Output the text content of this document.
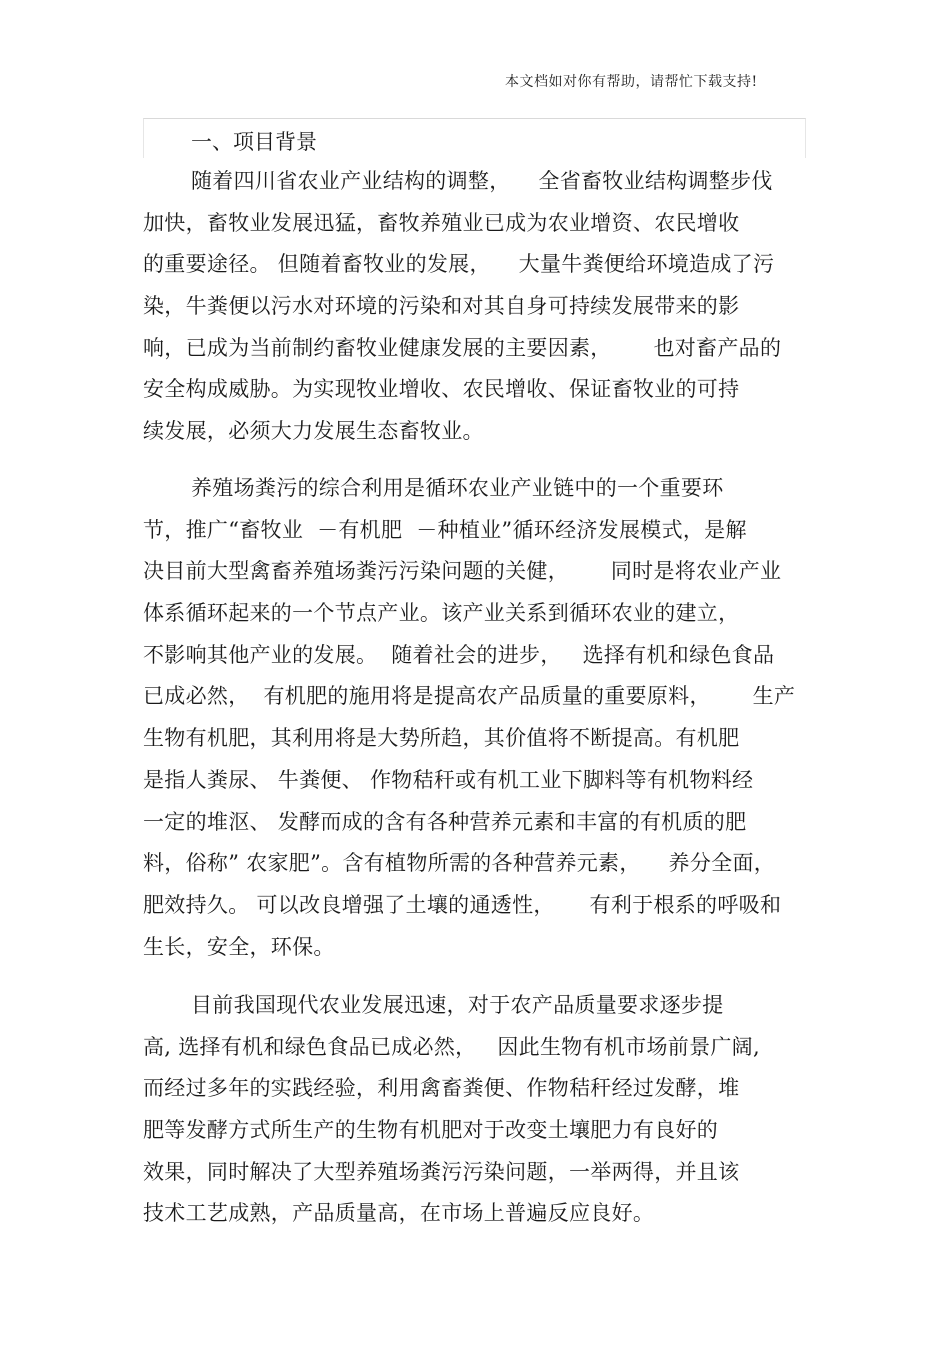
本文档如对你有帮助，请帮忙下载支持!
一、项目背景
随着四川省农业产业结构的调整，    全省畜牧业结构调整步伐
加快，畜牧业发展迅猛，畜牧养殖业已成为农业增资、农民增收
的重要途径。 但随着畜牧业的发展，    大量牛粪便给环境造成了污
染，牛粪便以污水对环境的污染和对其自身可持续发展带来的影
响，已成为当前制约畜牧业健康发展的主要因素，      也对畜产品的
安全构成威胁。为实现牧业增收、农民增收、保证畜牧业的可持
续发展，必须大力发展生态畜牧业。
养殖场粪污的综合利用是循环农业产业链中的一个重要环
节，推广“畜牧业  －有机肥  －种植业”循环经济发展模式，是解
决目前大型禽畜养殖场粪污污染问题的关健，      同时是将农业产业
体系循环起来的一个节点产业。该产业关系到循环农业的建立，
不影响其他产业的发展。  随着社会的进步，   选择有机和绿色食品
已成必然，  有机肥的施用将是提高农产品质量的重要原料，      生产
生物有机肥，其利用将是大势所趋，其价值将不断提高。有机肥
是指人粪尿、 牛粪便、 作物秸秆或有机工业下脚料等有机物料经
一定的堆沤、 发酵而成的含有各种营养元素和丰富的有机质的肥
料，俗称” 农家肥”。含有植物所需的各种营养元素，    养分全面，
肥效持久。 可以改良增强了土壤的通透性，     有利于根系的呼吸和
生长，安全，环保。
目前我国现代农业发展迅速，对于农产品质量要求逐步提
高, 选择有机和绿色食品已成必然，   因此生物有机市场前景广阔,
而经过多年的实践经验，利用禽畜粪便、作物秸秆经过发酵，堆
肥等发酵方式所生产的生物有机肥对于改变土壤肥力有良好的
效果，同时解决了大型养殖场粪污污染问题，一举两得，并且该
技术工艺成熟，产品质量高，在市场上普遍反应良好。
